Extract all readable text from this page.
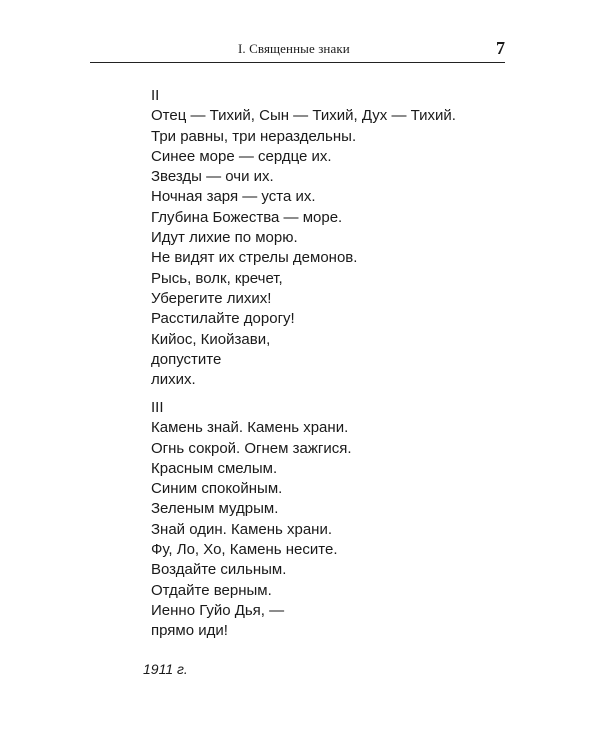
I. Священные знаки	7
II
Отец — Тихий, Сын — Тихий, Дух — Тихий.
Три равны, три нераздельны.
Синее море — сердце их.
Звезды — очи их.
Ночная заря — уста их.
Глубина Божества — море.
Идут лихие по морю.
Не видят их стрелы демонов.
Рысь, волк, кречет,
Уберегите лихих!
Расстилайте дорогу!
Кийос, Киойзави,
допустите
лихих.
III
Камень знай. Камень храни.
Огнь сокрой. Огнем зажгися.
Красным смелым.
Синим спокойным.
Зеленым мудрым.
Знай один. Камень храни.
Фу, Ло, Хо, Камень несите.
Воздайте сильным.
Отдайте верным.
Иенно Гуйо Дья, —
прямо иди!
1911 г.
